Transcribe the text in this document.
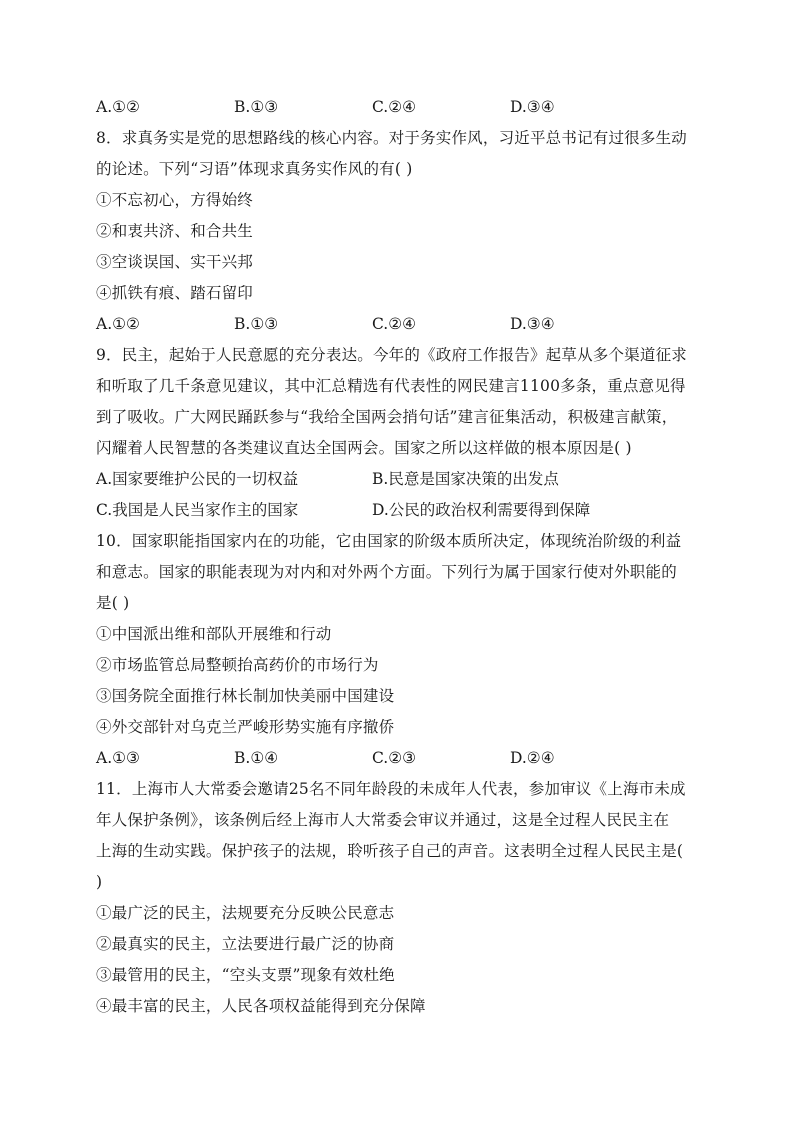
A.①②	B.①③	C.②④	D.③④
8．求真务实是党的思想路线的核心内容。对于务实作风，习近平总书记有过很多生动
的论述。下列“习语”体现求真务实作风的有( )
①不忘初心，方得始终
②和衷共济、和合共生
③空谈误国、实干兴邦
④抓铁有痕、踏石留印
A.①②	B.①③	C.②④	D.③④
9．民主，起始于人民意愿的充分表达。今年的《政府工作报告》起草从多个渠道征求
和听取了几千条意见建议，其中汇总精选有代表性的网民建言1100多条，重点意见得
到了吸收。广大网民踊跃参与“我给全国两会捎句话”建言征集活动，积极建言献策，
闪耀着人民智慧的各类建议直达全国两会。国家之所以这样做的根本原因是( )
A.国家要维护公民的一切权益	B.民意是国家决策的出发点
C.我国是人民当家作主的国家	D.公民的政治权利需要得到保障
10．国家职能指国家内在的功能，它由国家的阶级本质所决定，体现统治阶级的利益
和意志。国家的职能表现为对内和对外两个方面。下列行为属于国家行使对外职能的
是( )
①中国派出维和部队开展维和行动
②市场监管总局整顿抬高药价的市场行为
③国务院全面推行林长制加快美丽中国建设
④外交部针对乌克兰严峻形势实施有序撤侨
A.①③	B.①④	C.②③	D.②④
11．上海市人大常委会邀请25名不同年龄段的未成年人代表，参加审议《上海市未成
年人保护条例》，该条例后经上海市人大常委会审议并通过，这是全过程人民民主在
上海的生动实践。保护孩子的法规，聆听孩子自己的声音。这表明全过程人民民主是(
)
①最广泛的民主，法规要充分反映公民意志
②最真实的民主，立法要进行最广泛的协商
③最管用的民主，“空头支票”现象有效杜绝
④最丰富的民主，人民各项权益能得到充分保障
